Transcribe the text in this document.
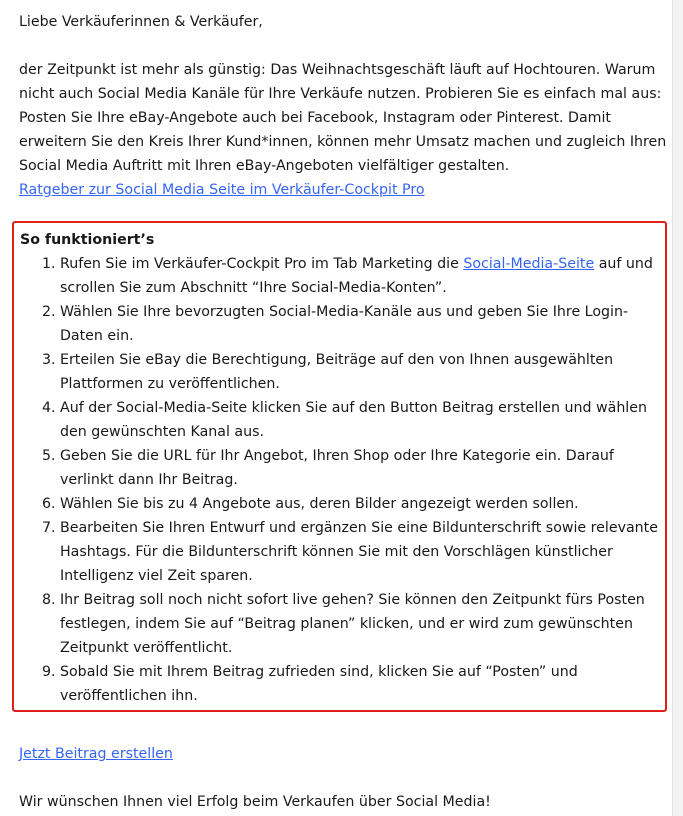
Liebe Verkäuferinnen & Verkäufer,

der Zeitpunkt ist mehr als günstig: Das Weihnachtsgeschäft läuft auf Hochtouren. Warum nicht auch Social Media Kanäle für Ihre Verkäufe nutzen. Probieren Sie es einfach mal aus: Posten Sie Ihre eBay-Angebote auch bei Facebook, Instagram oder Pinterest. Damit erweitern Sie den Kreis Ihrer Kund*innen, können mehr Umsatz machen und zugleich Ihren Social Media Auftritt mit Ihren eBay-Angeboten vielfältiger gestalten.

Ratgeber zur Social Media Seite im Verkäufer-Cockpit Pro

So funktioniert’s

1. Rufen Sie im Verkäufer-Cockpit Pro im Tab Marketing die Social-Media-Seite auf und scrollen Sie zum Abschnitt “Ihre Social-Media-Konten”.
2. Wählen Sie Ihre bevorzugten Social-Media-Kanäle aus und geben Sie Ihre Login-Daten ein.
3. Erteilen Sie eBay die Berechtigung, Beiträge auf den von Ihnen ausgewählten Plattformen zu veröffentlichen.
4. Auf der Social-Media-Seite klicken Sie auf den Button Beitrag erstellen und wählen den gewünschten Kanal aus.
5. Geben Sie die URL für Ihr Angebot, Ihren Shop oder Ihre Kategorie ein. Darauf verlinkt dann Ihr Beitrag.
6. Wählen Sie bis zu 4 Angebote aus, deren Bilder angezeigt werden sollen.
7. Bearbeiten Sie Ihren Entwurf und ergänzen Sie eine Bildunterschrift sowie relevante Hashtags. Für die Bildunterschrift können Sie mit den Vorschlägen künstlicher Intelligenz viel Zeit sparen.
8. Ihr Beitrag soll noch nicht sofort live gehen? Sie können den Zeitpunkt fürs Posten festlegen, indem Sie auf “Beitrag planen” klicken, und er wird zum gewünschten Zeitpunkt veröffentlicht.
9. Sobald Sie mit Ihrem Beitrag zufrieden sind, klicken Sie auf “Posten” und veröffentlichen ihn.
Jetzt Beitrag erstellen

Wir wünschen Ihnen viel Erfolg beim Verkaufen über Social Media!
